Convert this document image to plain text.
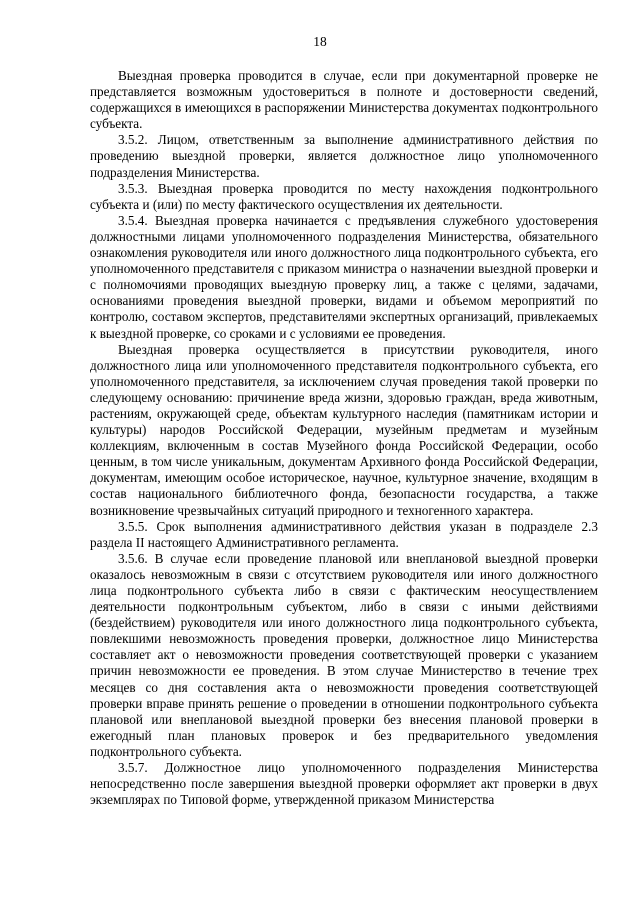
18

Выездная проверка проводится в случае, если при документарной проверке не представляется возможным удостовериться в полноте и достоверности сведений, содержащихся в имеющихся в распоряжении Министерства документах подконтрольного субъекта.

3.5.2. Лицом, ответственным за выполнение административного действия по проведению выездной проверки, является должностное лицо уполномоченного подразделения Министерства.

3.5.3. Выездная проверка проводится по месту нахождения подконтрольного субъекта и (или) по месту фактического осуществления их деятельности.

3.5.4. Выездная проверка начинается с предъявления служебного удостоверения должностными лицами уполномоченного подразделения Министерства, обязательного ознакомления руководителя или иного должностного лица подконтрольного субъекта, его уполномоченного представителя с приказом министра о назначении выездной проверки и с полномочиями проводящих выездную проверку лиц, а также с целями, задачами, основаниями проведения выездной проверки, видами и объемом мероприятий по контролю, составом экспертов, представителями экспертных организаций, привлекаемых к выездной проверке, со сроками и с условиями ее проведения.

Выездная проверка осуществляется в присутствии руководителя, иного должностного лица или уполномоченного представителя подконтрольного субъекта, его уполномоченного представителя, за исключением случая проведения такой проверки по следующему основанию: причинение вреда жизни, здоровью граждан, вреда животным, растениям, окружающей среде, объектам культурного наследия (памятникам истории и культуры) народов Российской Федерации, музейным предметам и музейным коллекциям, включенным в состав Музейного фонда Российской Федерации, особо ценным, в том числе уникальным, документам Архивного фонда Российской Федерации, документам, имеющим особое историческое, научное, культурное значение, входящим в состав национального библиотечного фонда, безопасности государства, а также возникновение чрезвычайных ситуаций природного и техногенного характера.

3.5.5. Срок выполнения административного действия указан в подразделе 2.3 раздела II настоящего Административного регламента.

3.5.6. В случае если проведение плановой или внеплановой выездной проверки оказалось невозможным в связи с отсутствием руководителя или иного должностного лица подконтрольного субъекта либо в связи с фактическим неосуществлением деятельности подконтрольным субъектом, либо в связи с иными действиями (бездействием) руководителя или иного должностного лица подконтрольного субъекта, повлекшими невозможность проведения проверки, должностное лицо Министерства составляет акт о невозможности проведения соответствующей проверки с указанием причин невозможности ее проведения. В этом случае Министерство в течение трех месяцев со дня составления акта о невозможности проведения соответствующей проверки вправе принять решение о проведении в отношении подконтрольного субъекта плановой или внеплановой выездной проверки без внесения плановой проверки в ежегодный план плановых проверок и без предварительного уведомления подконтрольного субъекта.

3.5.7. Должностное лицо уполномоченного подразделения Министерства непосредственно после завершения выездной проверки оформляет акт проверки в двух экземплярах по Типовой форме, утвержденной приказом Министерства
